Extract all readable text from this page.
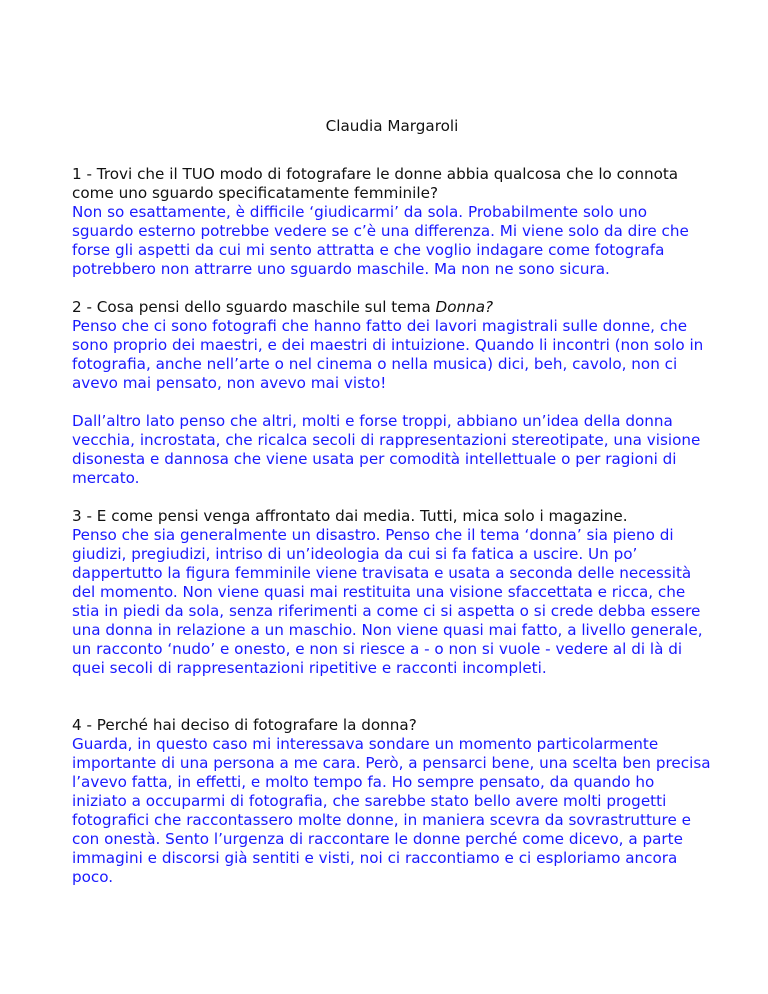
Claudia Margaroli

1 - Trovi che il TUO modo di fotografare le donne abbia qualcosa che lo connota come uno sguardo specificatamente femminile?

Non so esattamente, è difficile ‘giudicarmi’ da sola. Probabilmente solo uno sguardo esterno potrebbe vedere se c’è una differenza. Mi viene solo da dire che forse gli aspetti da cui mi sento attratta e che voglio indagare come fotografa potrebbero non attrarre uno sguardo maschile. Ma non ne sono sicura.

2 - Cosa pensi dello sguardo maschile sul tema Donna?

Penso che ci sono fotografi che hanno fatto dei lavori magistrali sulle donne, che sono proprio dei maestri, e dei maestri di intuizione. Quando li incontri (non solo in fotografia, anche nell’arte o nel cinema o nella musica) dici, beh, cavolo, non ci avevo mai pensato, non avevo mai visto!

Dall’altro lato penso che altri, molti e forse troppi, abbiano un’idea della donna vecchia, incrostata, che ricalca secoli di rappresentazioni stereotipate, una visione disonesta e dannosa che viene usata per comodità intellettuale o per ragioni di mercato.

3 - E come pensi venga affrontato dai media. Tutti, mica solo i magazine.

Penso che sia generalmente un disastro. Penso che il tema ‘donna’ sia pieno di giudizi, pregiudizi, intriso di un’ideologia da cui si fa fatica a uscire. Un po’ dappertutto la figura femminile viene travisata e usata a seconda delle necessità del momento. Non viene quasi mai restituita una visione sfaccettata e ricca, che stia in piedi da sola, senza riferimenti a come ci si aspetta o si crede debba essere una donna in relazione a un maschio. Non viene quasi mai fatto, a livello generale, un racconto ‘nudo’ e onesto, e non si riesce a - o non si vuole - vedere al di là di quei secoli di rappresentazioni ripetitive e racconti incompleti.

4 - Perché hai deciso di fotografare la donna?

Guarda, in questo caso mi interessava sondare un momento particolarmente importante di una persona a me cara. Però, a pensarci bene, una scelta ben precisa l’avevo fatta, in effetti, e molto tempo fa. Ho sempre pensato, da quando ho iniziato a occuparmi di fotografia, che sarebbe stato bello avere molti progetti fotografici che raccontassero molte donne, in maniera scevra da sovrastrutture e con onestà. Sento l’urgenza di raccontare le donne perché come dicevo, a parte immagini e discorsi già sentiti e visti, noi ci raccontiamo e ci esploriamo ancora poco.
